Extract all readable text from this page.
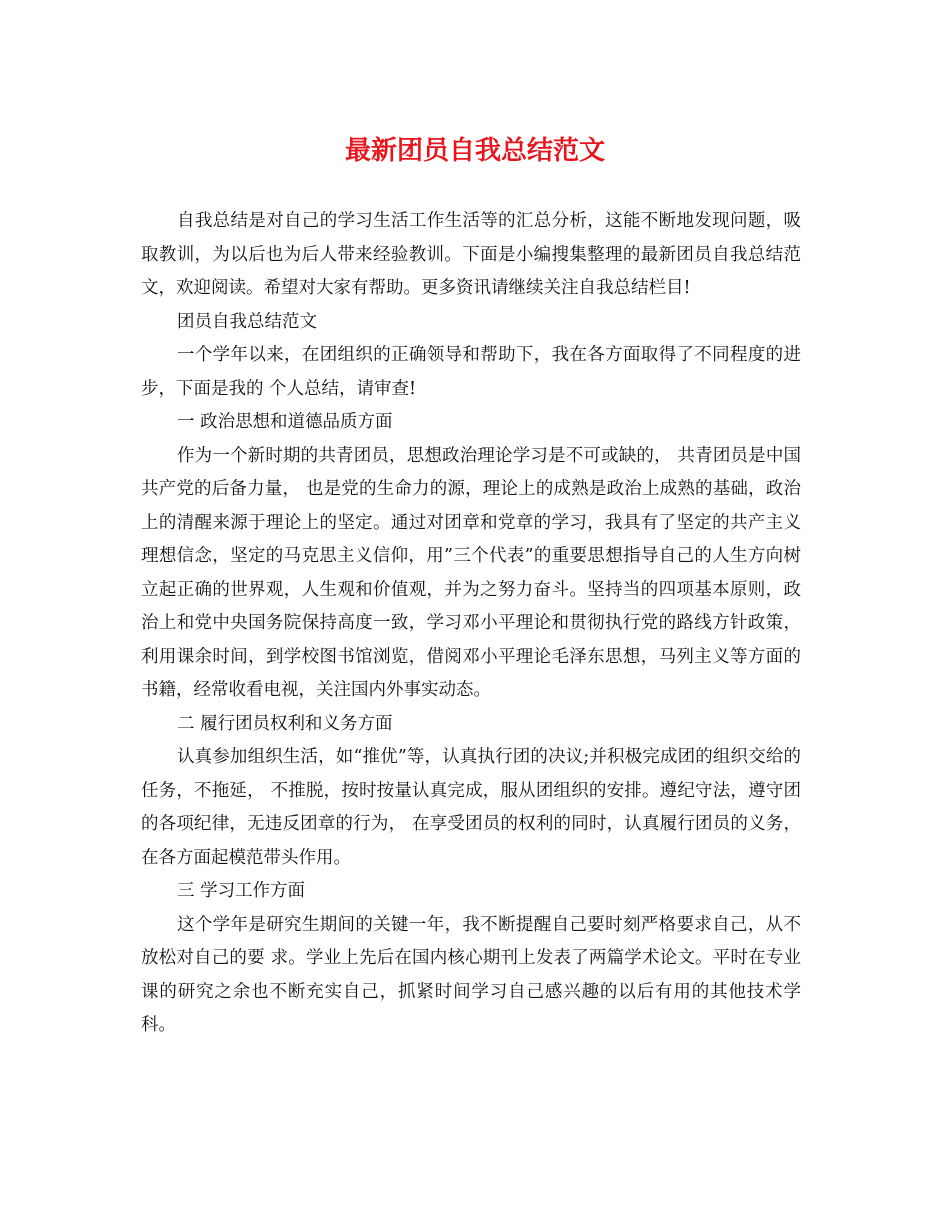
最新团员自我总结范文

自我总结是对自己的学习生活工作生活等的汇总分析，这能不断地发现问题，吸取教训，为以后也为后人带来经验教训。下面是小编搜集整理的最新团员自我总结范文，欢迎阅读。希望对大家有帮助。更多资讯请继续关注自我总结栏目!

团员自我总结范文

一个学年以来，在团组织的正确领导和帮助下，我在各方面取得了不同程度的进步，下面是我的 个人总结，请审查!

一 政治思想和道德品质方面

作为一个新时期的共青团员，思想政治理论学习是不可或缺的， 共青团员是中国共产党的后备力量， 也是党的生命力的源，理论上的成熟是政治上成熟的基础，政治上的清醒来源于理论上的坚定。通过对团章和党章的学习，我具有了坚定的共产主义理想信念，坚定的马克思主义信仰，用”三个代表”的重要思想指导自己的人生方向树立起正确的世界观，人生观和价值观，并为之努力奋斗。坚持当的四项基本原则，政治上和党中央国务院保持高度一致，学习邓小平理论和贯彻执行党的路线方针政策，利用课余时间，到学校图书馆浏览，借阅邓小平理论毛泽东思想，马列主义等方面的书籍，经常收看电视，关注国内外事实动态。

二 履行团员权利和义务方面

认真参加组织生活，如“推优”等，认真执行团的决议;并积极完成团的组织交给的任务，不拖延， 不推脱，按时按量认真完成，服从团组织的安排。遵纪守法，遵守团的各项纪律，无违反团章的行为， 在享受团员的权利的同时，认真履行团员的义务，在各方面起模范带头作用。

三 学习工作方面

这个学年是研究生期间的关键一年，我不断提醒自己要时刻严格要求自己，从不放松对自己的要 求。学业上先后在国内核心期刊上发表了两篇学术论文。平时在专业课的研究之余也不断充实自己，抓紧时间学习自己感兴趣的以后有用的其他技术学科。
